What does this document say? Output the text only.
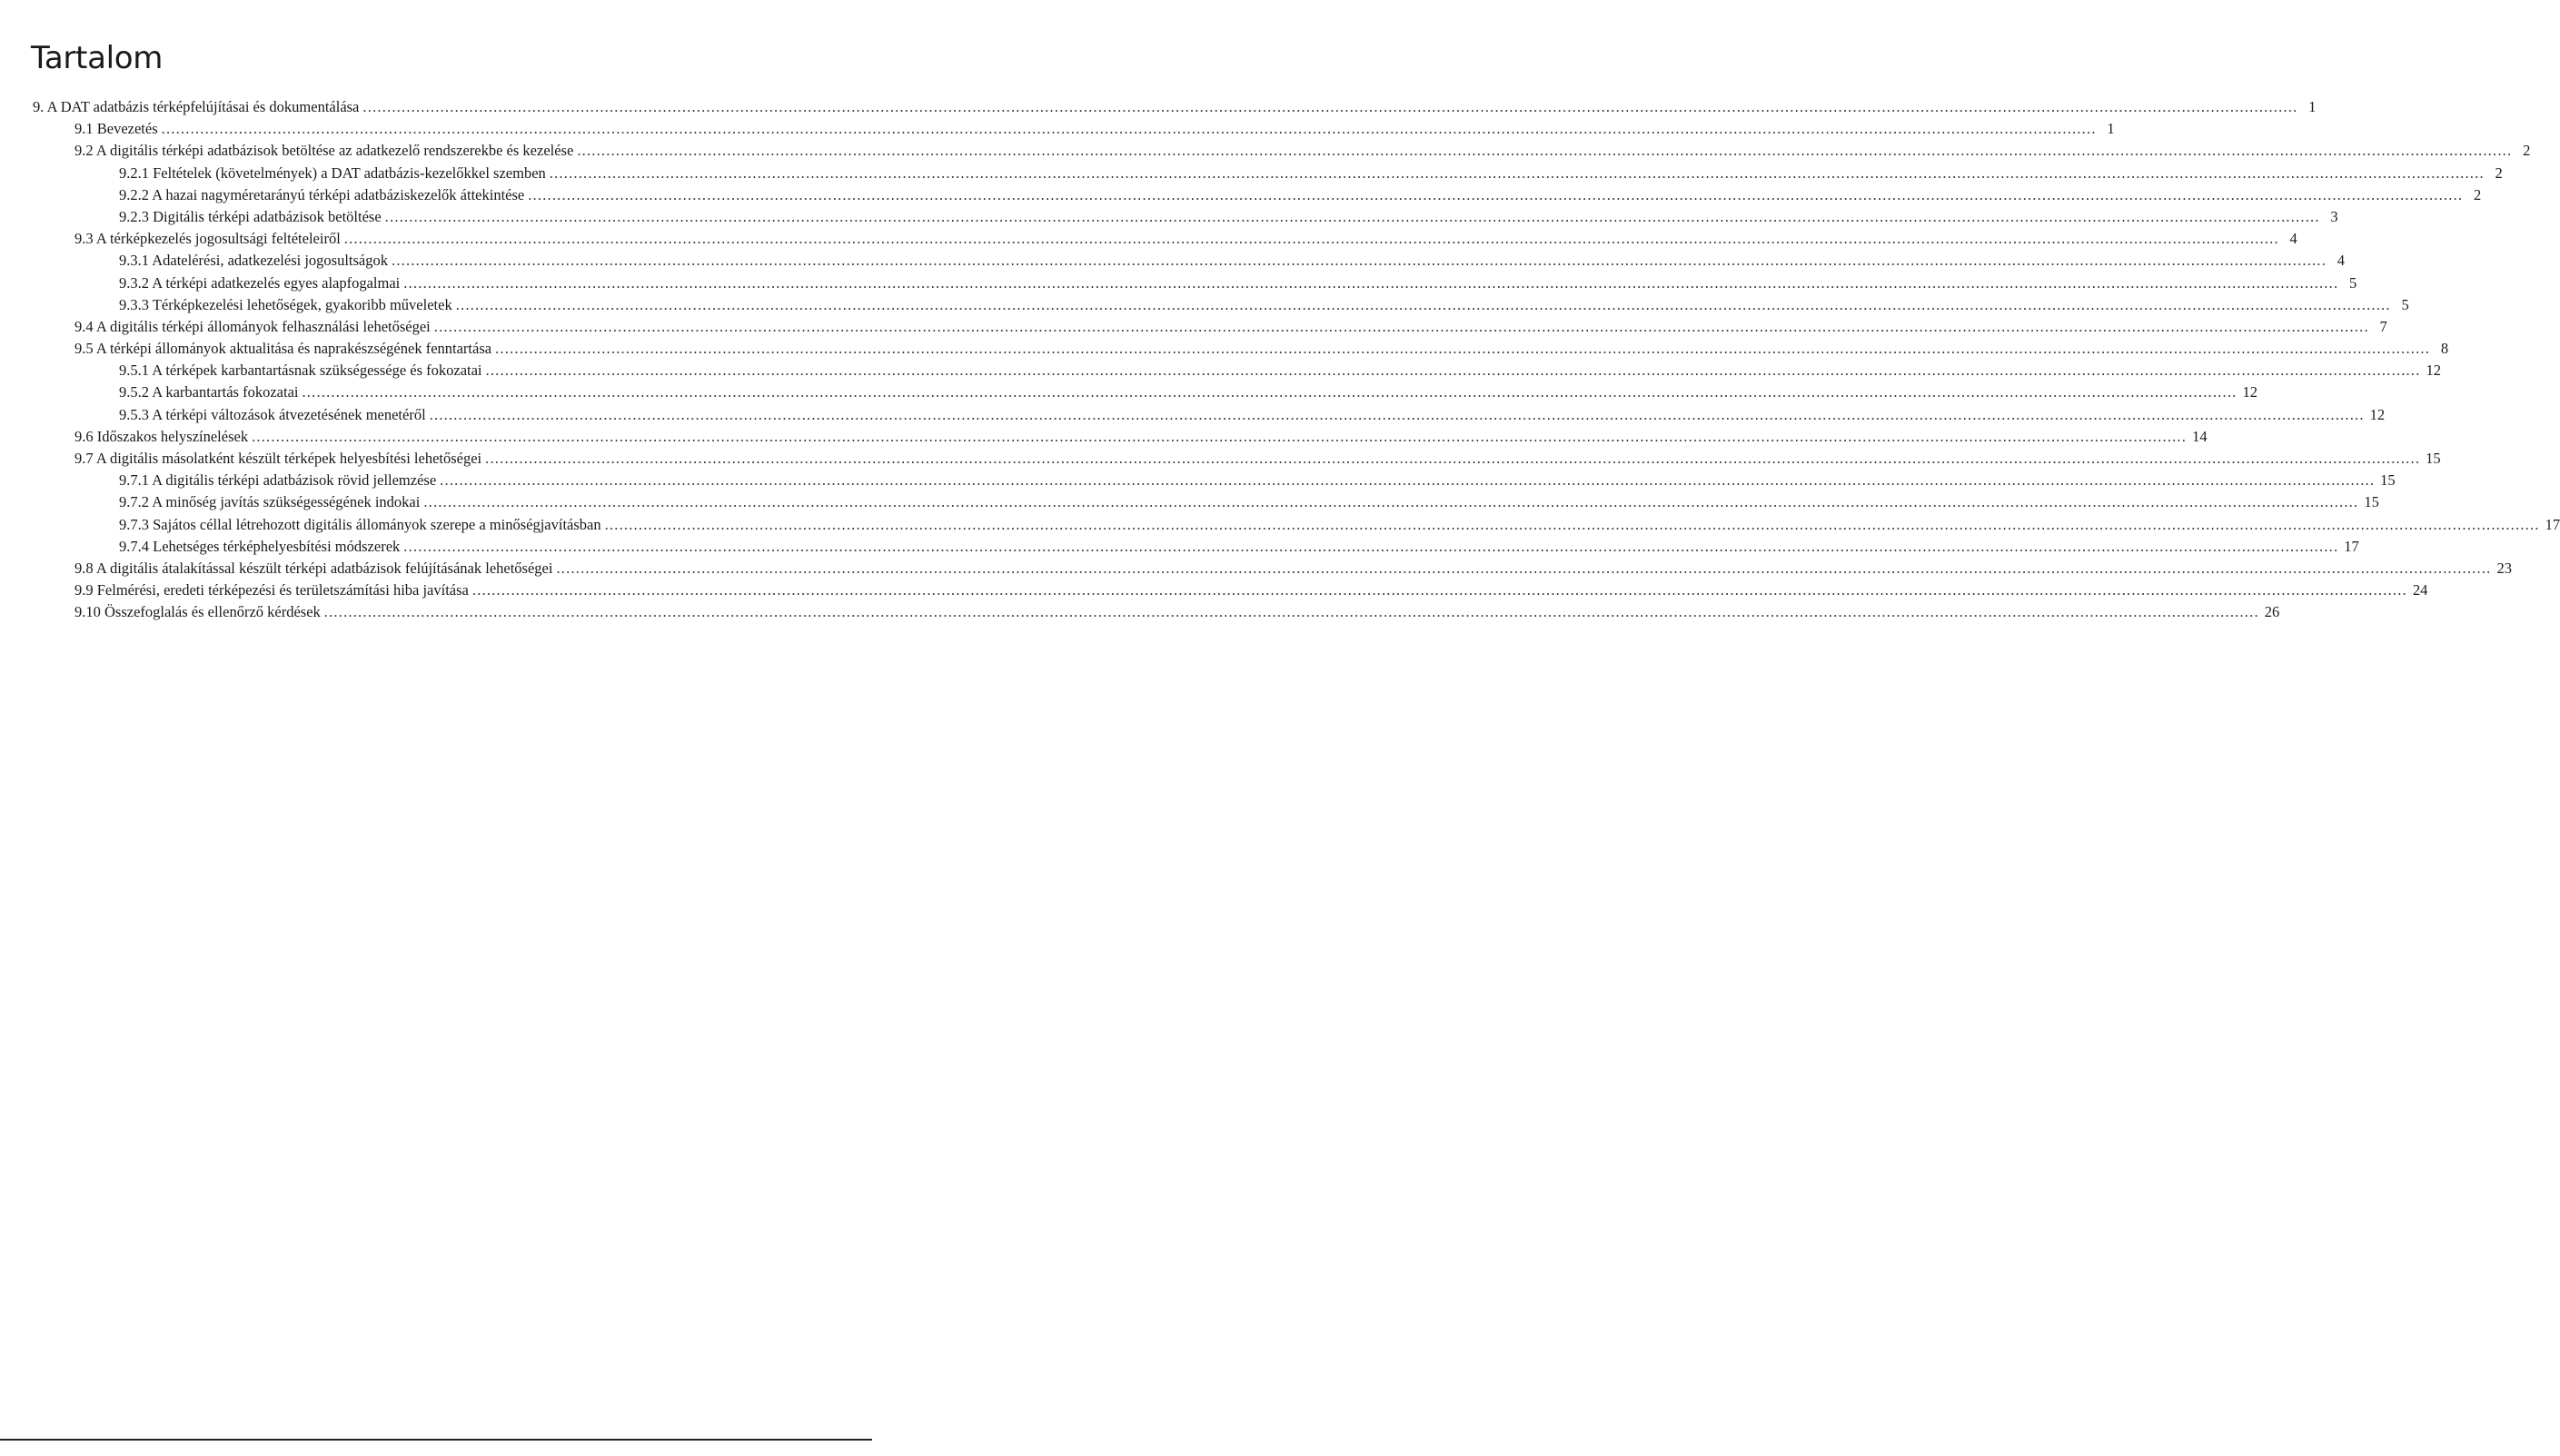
Tartalom
9. A DAT adatbázis térképfelújításai és dokumentálása ................................................................................................................................................................................................................................................................................................................................................................................................................ 1
9.1 Bevezetés ................................................................................................................................................................................................................................................................................................................................................................................................................ 1
9.2 A digitális térképi adatbázisok betöltése az adatkezelő rendszerekbe és kezelése ................................................................................................................................................................................................................................................................................................................................................................................................................ 2
9.2.1 Feltételek (követelmények) a DAT adatbázis-kezelőkkel szemben ................................................................................................................................................................................................................................................................................................................................................................................................................ 2
9.2.2 A hazai nagyméretarányú térképi adatbáziskezelők áttekintése ................................................................................................................................................................................................................................................................................................................................................................................................................ 2
9.2.3 Digitális térképi adatbázisok betöltése ................................................................................................................................................................................................................................................................................................................................................................................................................ 3
9.3 A térképkezelés jogosultsági feltételeiről ................................................................................................................................................................................................................................................................................................................................................................................................................ 4
9.3.1 Adatelérési, adatkezelési jogosultságok ................................................................................................................................................................................................................................................................................................................................................................................................................ 4
9.3.2 A térképi adatkezelés egyes alapfogalmai ................................................................................................................................................................................................................................................................................................................................................................................................................ 5
9.3.3 Térképkezelési lehetőségek, gyakoribb műveletek ................................................................................................................................................................................................................................................................................................................................................................................................................ 5
9.4 A digitális térképi állományok felhasználási lehetőségei ................................................................................................................................................................................................................................................................................................................................................................................................................ 7
9.5 A térképi állományok aktualitása és naprakészségének fenntartása ................................................................................................................................................................................................................................................................................................................................................................................................................ 8
9.5.1 A térképek karbantartásnak szükségessége és fokozatai ................................................................................................................................................................................................................................................................................................................................................................................................................ 12
9.5.2 A karbantartás fokozatai ................................................................................................................................................................................................................................................................................................................................................................................................................ 12
9.5.3 A térképi változások átvezetésének menetéről ................................................................................................................................................................................................................................................................................................................................................................................................................ 12
9.6 Időszakos helyszínelések ................................................................................................................................................................................................................................................................................................................................................................................................................ 14
9.7 A digitális másolatként készült térképek helyesbítési lehetőségei ................................................................................................................................................................................................................................................................................................................................................................................................................ 15
9.7.1 A digitális térképi adatbázisok rövid jellemzése ................................................................................................................................................................................................................................................................................................................................................................................................................ 15
9.7.2 A minőség javítás szükségességének indokai ................................................................................................................................................................................................................................................................................................................................................................................................................ 15
9.7.3 Sajátos céllal létrehozott digitális állományok szerepe a minőségjavításban ................................................................................................................................................................................................................................................................................................................................................................................................................ 17
9.7.4 Lehetséges térképhelyesbítési módszerek ................................................................................................................................................................................................................................................................................................................................................................................................................ 17
9.8 A digitális átalakítással készült térképi adatbázisok felújításának lehetőségei ................................................................................................................................................................................................................................................................................................................................................................................................................ 23
9.9 Felmérési, eredeti térképezési és területszámítási hiba javítása ................................................................................................................................................................................................................................................................................................................................................................................................................ 24
9.10 Összefoglalás és ellenőrző kérdések ................................................................................................................................................................................................................................................................................................................................................................................................................ 26
